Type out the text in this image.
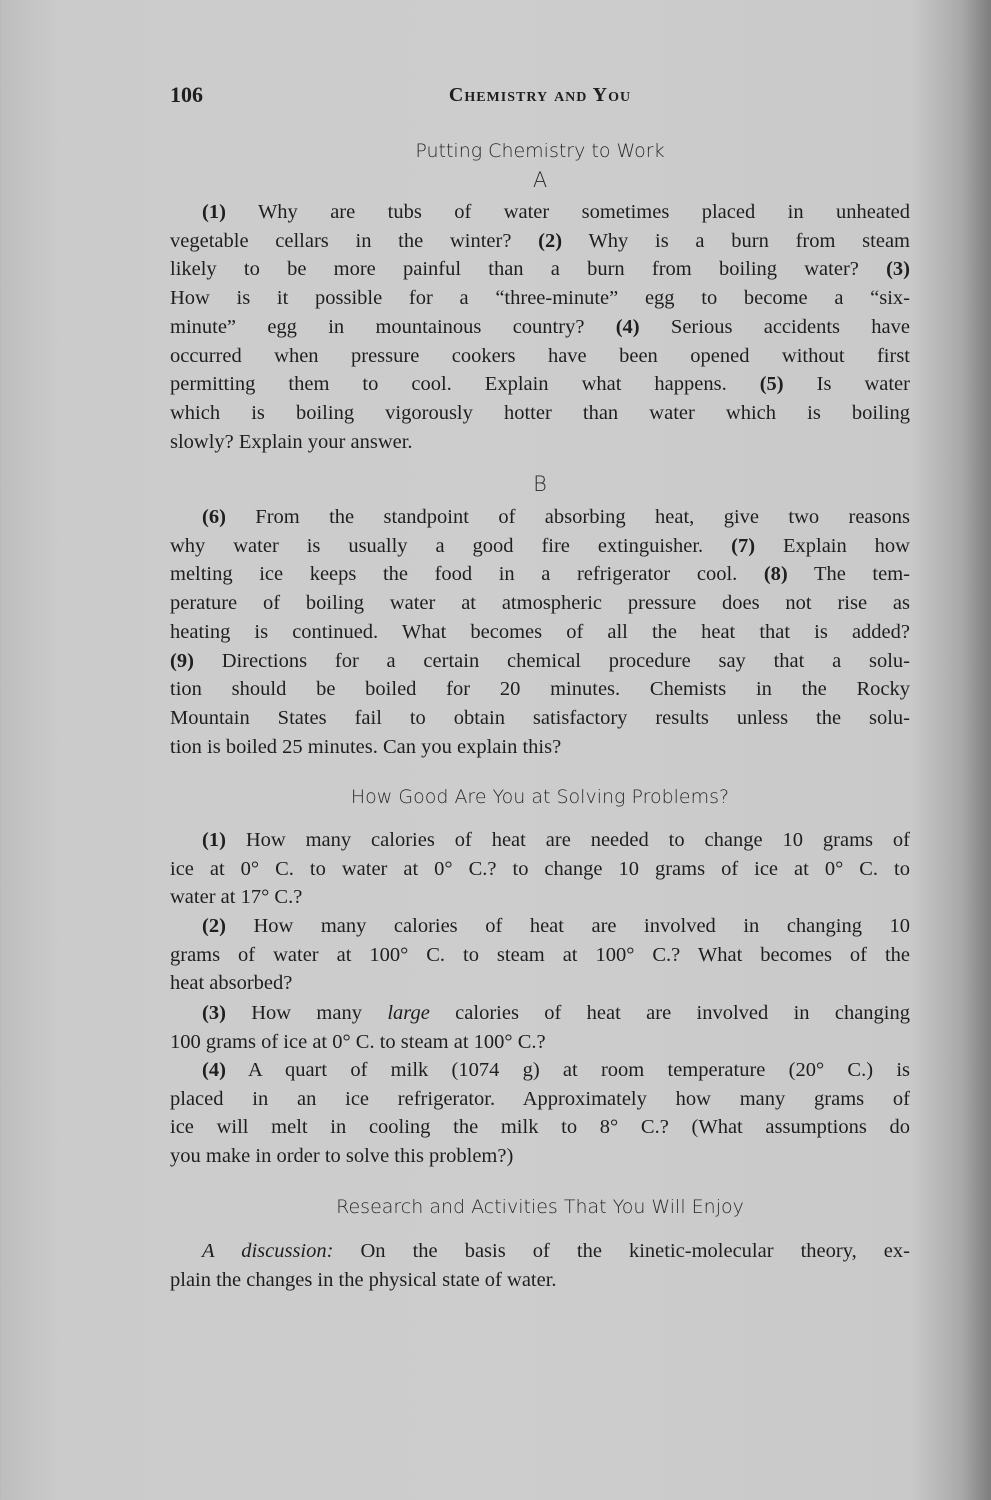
106	Chemistry and You
Putting Chemistry to Work
A
(1) Why are tubs of water sometimes placed in unheated
vegetable cellars in the winter? (2) Why is a burn from steam
likely to be more painful than a burn from boiling water? (3)
How is it possible for a “three-minute” egg to become a “six-
minute” egg in mountainous country? (4) Serious accidents have
occurred when pressure cookers have been opened without first
permitting them to cool. Explain what happens. (5) Is water
which is boiling vigorously hotter than water which is boiling
slowly? Explain your answer.
B
(6) From the standpoint of absorbing heat, give two reasons
why water is usually a good fire extinguisher. (7) Explain how
melting ice keeps the food in a refrigerator cool. (8) The tem-
perature of boiling water at atmospheric pressure does not rise as
heating is continued. What becomes of all the heat that is added?
(9) Directions for a certain chemical procedure say that a solu-
tion should be boiled for 20 minutes. Chemists in the Rocky
Mountain States fail to obtain satisfactory results unless the solu-
tion is boiled 25 minutes. Can you explain this?
How Good Are You at Solving Problems?
(1) How many calories of heat are needed to change 10 grams of
ice at 0° C. to water at 0° C.? to change 10 grams of ice at 0° C. to
water at 17° C.?
(2) How many calories of heat are involved in changing 10
grams of water at 100° C. to steam at 100° C.? What becomes of the
heat absorbed?
(3) How many large calories of heat are involved in changing
100 grams of ice at 0° C. to steam at 100° C.?
(4) A quart of milk (1074 g) at room temperature (20° C.) is
placed in an ice refrigerator. Approximately how many grams of
ice will melt in cooling the milk to 8° C.? (What assumptions do
you make in order to solve this problem?)
Research and Activities That You Will Enjoy
A discussion: On the basis of the kinetic-molecular theory, ex-
plain the changes in the physical state of water.
